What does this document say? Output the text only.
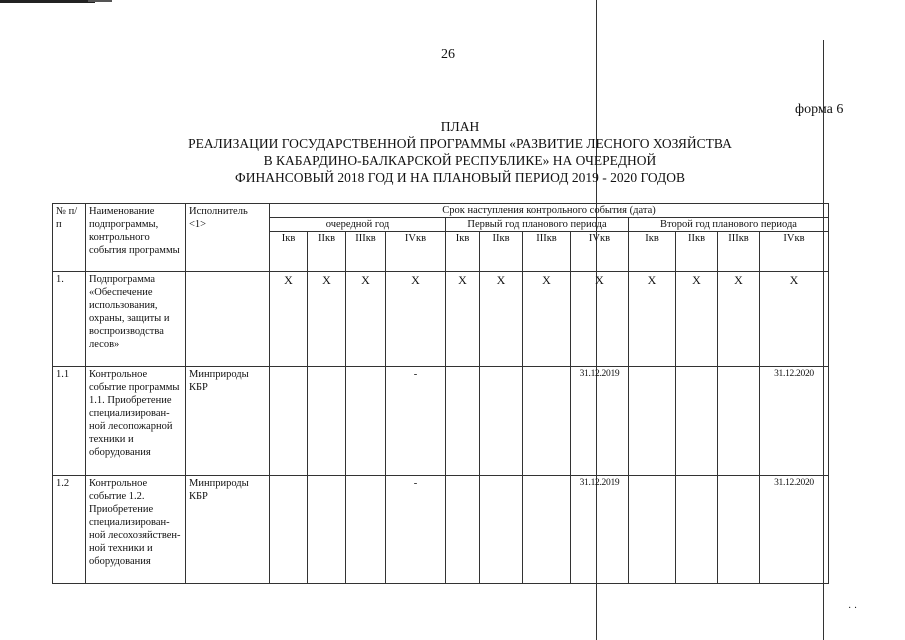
26
форма 6
ПЛАН
РЕАЛИЗАЦИИ ГОСУДАРСТВЕННОЙ ПРОГРАММЫ «РАЗВИТИЕ ЛЕСНОГО ХОЗЯЙСТВА
В КАБАРДИНО-БАЛКАРСКОЙ РЕСПУБЛИКЕ» НА ОЧЕРЕДНОЙ
ФИНАНСОВЫЙ 2018 ГОД И НА ПЛАНОВЫЙ ПЕРИОД 2019 - 2020 ГОДОВ
№ п/п	Наименование подпрограммы, контрольного события программы	Исполнитель <1>	Срок наступления контрольного события (дата)											
			очередной год				Первый год планового периода				Второй год планового периода			
			Iкв	IIкв	IIIкв	IVкв	Iкв	IIкв	IIIкв	IVкв	Iкв	IIкв	IIIкв	IVкв
1.	Подпрограмма «Обеспечение использования, охраны, защиты и воспроизводства лесов»		X	X	X	X	X	X	X	X	X	X	X	X
1.1	Контрольное событие программы 1.1. Приобретение специализирован-ной лесопожарной техники и оборудования	Минприроды КБР				-				31.12.2019				31.12.2020
1.2	Контрольное событие 1.2. Приобретение специализирован-ной лесохозяйствен-ной техники и оборудования	Минприроды КБР				-				31.12.2019				31.12.2020
· ·
